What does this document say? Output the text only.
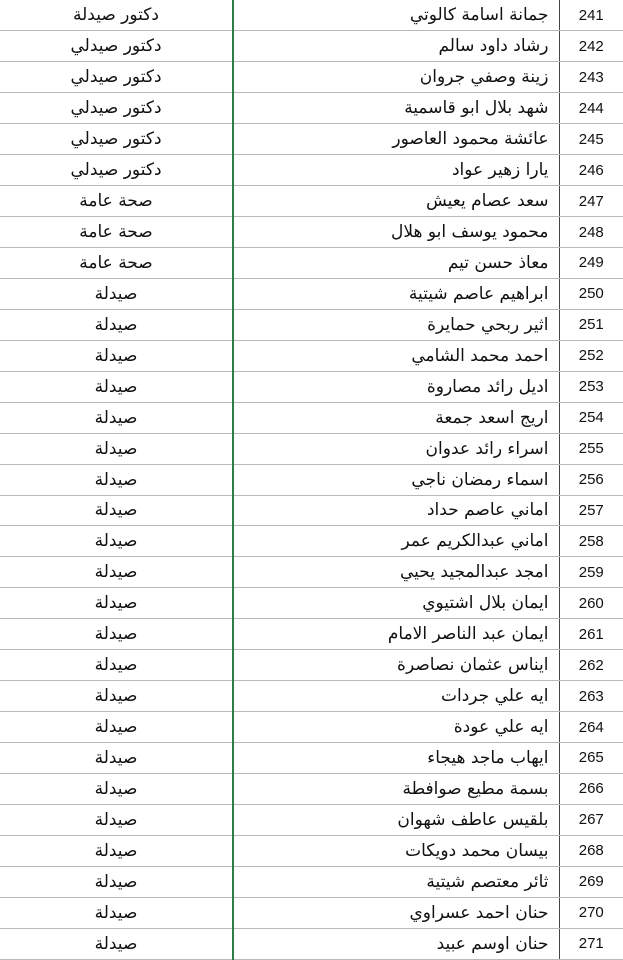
دكتور صيدلة	جمانة اسامة كالوتي	241
دكتور صيدلي	رشاد داود سالم	242
دكتور صيدلي	زينة وصفي جروان	243
دكتور صيدلي	شهد بلال ابو قاسمية	244
دكتور صيدلي	عائشة محمود العاصور	245
دكتور صيدلي	يارا زهير عواد	246
صحة عامة	سعد عصام يعيش	247
صحة عامة	محمود يوسف ابو هلال	248
صحة عامة	معاذ حسن تيم	249
صيدلة	ابراهيم عاصم شيتية	250
صيدلة	اثير ربحي حمايرة	251
صيدلة	احمد محمد الشامي	252
صيدلة	اديل رائد مصاروة	253
صيدلة	اريج اسعد جمعة	254
صيدلة	اسراء رائد عدوان	255
صيدلة	اسماء رمضان ناجي	256
صيدلة	اماني عاصم حداد	257
صيدلة	اماني عبدالكريم عمر	258
صيدلة	امجد عبدالمجيد يحيي	259
صيدلة	ايمان بلال اشتيوي	260
صيدلة	ايمان عبد الناصر الامام	261
صيدلة	ايناس عثمان نصاصرة	262
صيدلة	ايه علي جردات	263
صيدلة	ايه علي عودة	264
صيدلة	ايهاب ماجد هيجاء	265
صيدلة	بسمة مطيع صوافطة	266
صيدلة	بلقيس عاطف شهوان	267
صيدلة	بيسان محمد دويكات	268
صيدلة	ثائر معتصم شيتية	269
صيدلة	حنان احمد عسراوي	270
صيدلة	حنان اوسم عبيد	271
